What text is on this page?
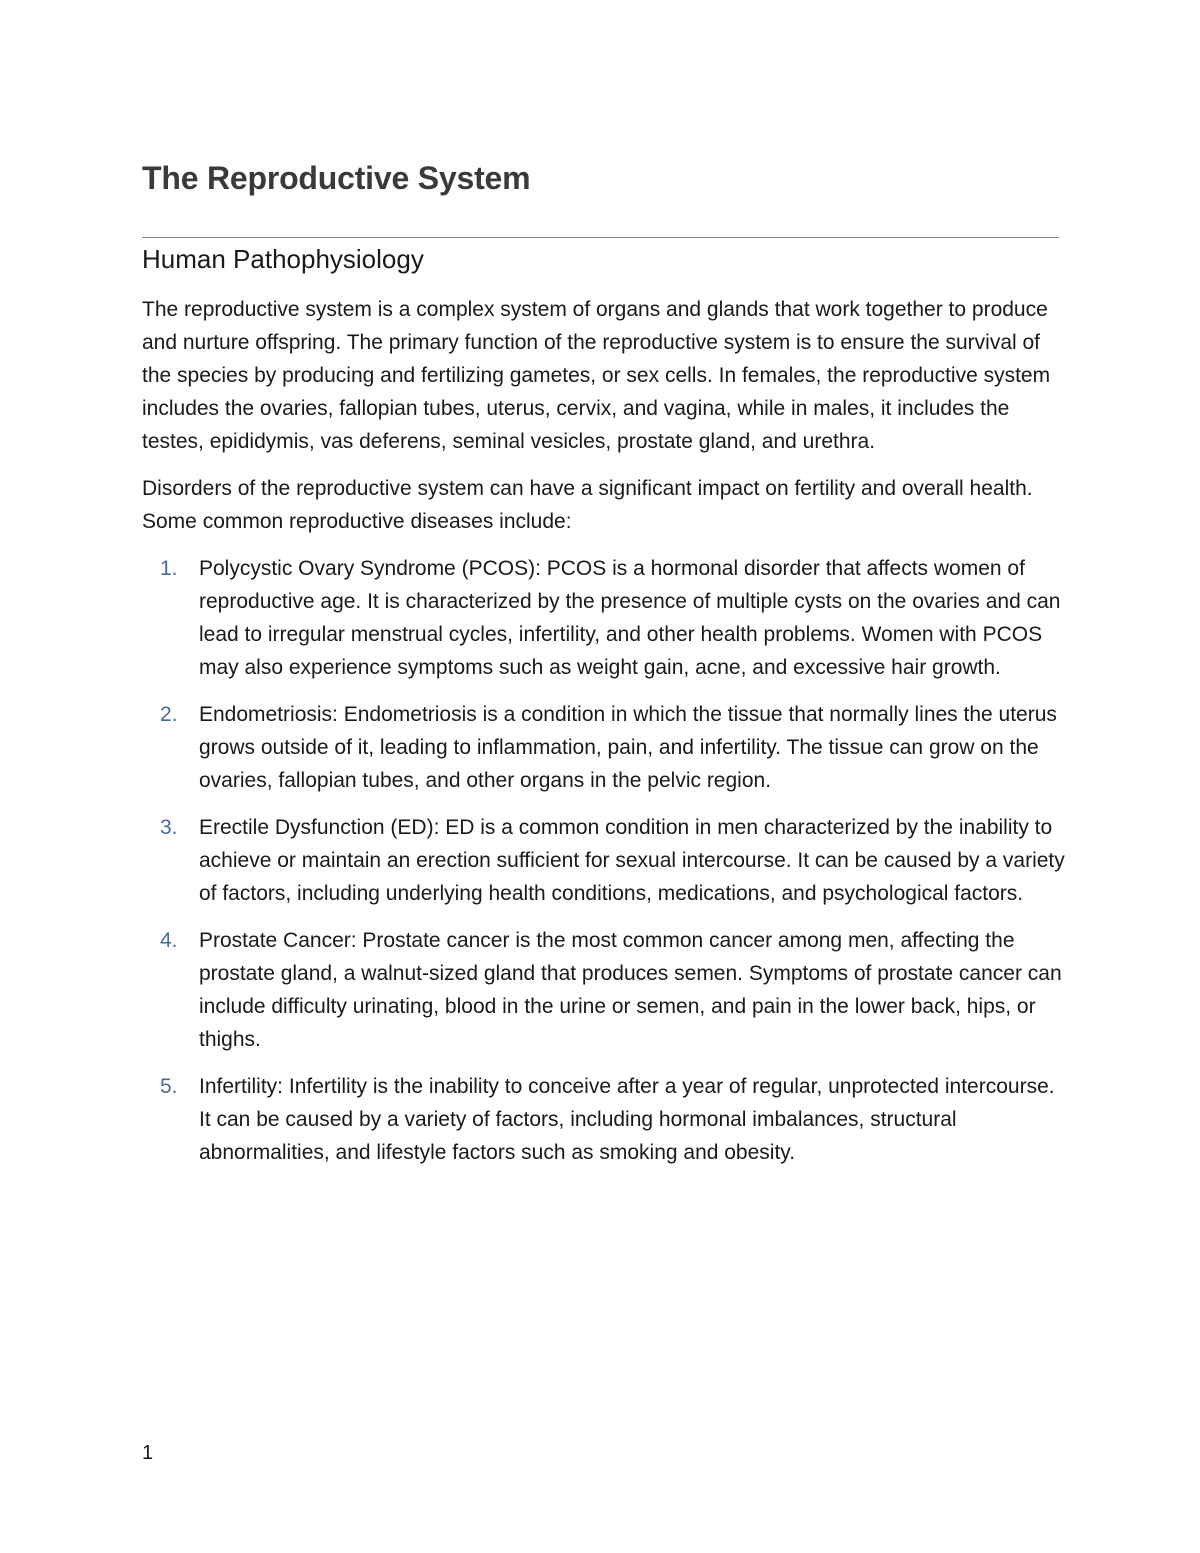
The Reproductive System
Human Pathophysiology

The reproductive system is a complex system of organs and glands that work together to produce and nurture offspring. The primary function of the reproductive system is to ensure the survival of the species by producing and fertilizing gametes, or sex cells. In females, the reproductive system includes the ovaries, fallopian tubes, uterus, cervix, and vagina, while in males, it includes the testes, epididymis, vas deferens, seminal vesicles, prostate gland, and urethra.

Disorders of the reproductive system can have a significant impact on fertility and overall health. Some common reproductive diseases include:

1. Polycystic Ovary Syndrome (PCOS): PCOS is a hormonal disorder that affects women of reproductive age. It is characterized by the presence of multiple cysts on the ovaries and can lead to irregular menstrual cycles, infertility, and other health problems. Women with PCOS may also experience symptoms such as weight gain, acne, and excessive hair growth.
2. Endometriosis: Endometriosis is a condition in which the tissue that normally lines the uterus grows outside of it, leading to inflammation, pain, and infertility. The tissue can grow on the ovaries, fallopian tubes, and other organs in the pelvic region.
3. Erectile Dysfunction (ED): ED is a common condition in men characterized by the inability to achieve or maintain an erection sufficient for sexual intercourse. It can be caused by a variety of factors, including underlying health conditions, medications, and psychological factors.
4. Prostate Cancer: Prostate cancer is the most common cancer among men, affecting the prostate gland, a walnut-sized gland that produces semen. Symptoms of prostate cancer can include difficulty urinating, blood in the urine or semen, and pain in the lower back, hips, or thighs.
5. Infertility: Infertility is the inability to conceive after a year of regular, unprotected intercourse. It can be caused by a variety of factors, including hormonal imbalances, structural abnormalities, and lifestyle factors such as smoking and obesity.
1
